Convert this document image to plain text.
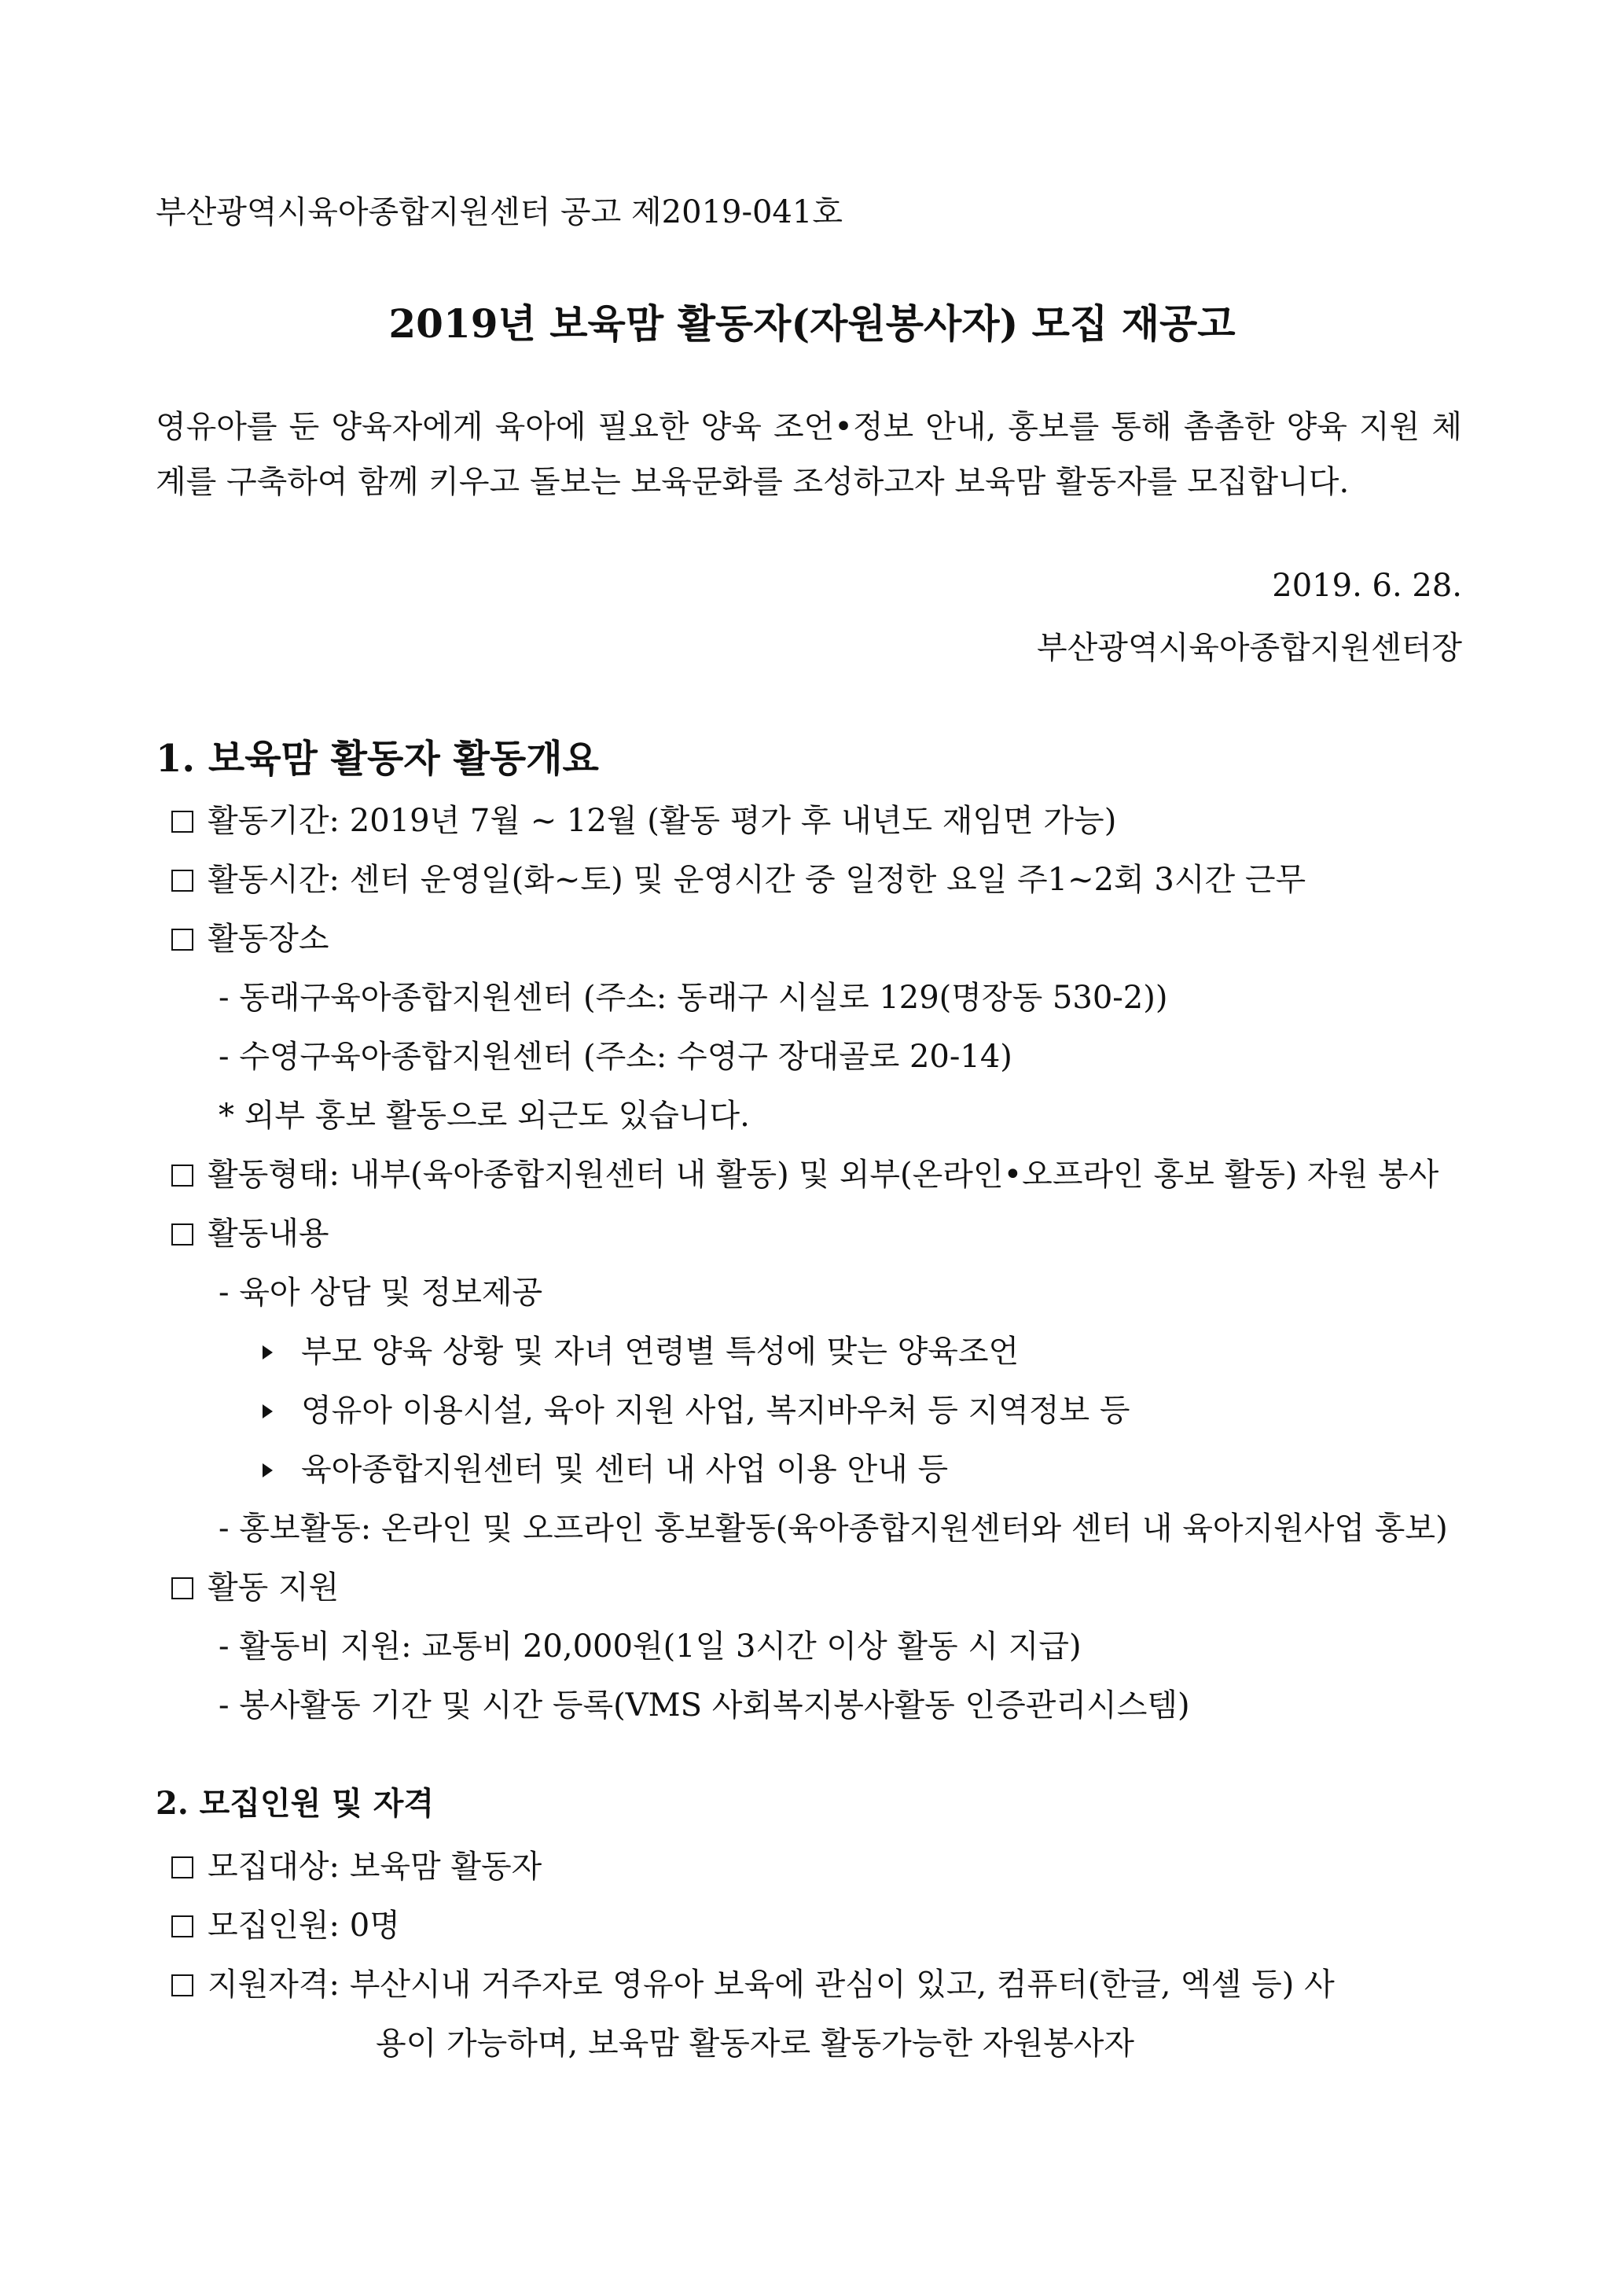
부산광역시육아종합지원센터 공고 제2019-041호
2019년 보육맘 활동자(자원봉사자) 모집 재공고
영유아를 둔 양육자에게 육아에 필요한 양육 조언•정보 안내, 홍보를 통해 촘촘한 양육 지원 체계를 구축하여 함께 키우고 돌보는 보육문화를 조성하고자 보육맘 활동자를 모집합니다.
2019. 6. 28.
부산광역시육아종합지원센터장
1. 보육맘 활동자 활동개요
활동기간: 2019년 7월 ~ 12월 (활동 평가 후 내년도 재임면 가능)
활동시간: 센터 운영일(화~토) 및 운영시간 중 일정한 요일 주1~2회 3시간 근무
활동장소
- 동래구육아종합지원센터 (주소: 동래구 시실로 129(명장동 530-2))
- 수영구육아종합지원센터 (주소: 수영구 장대골로 20-14)
* 외부 홍보 활동으로 외근도 있습니다.
활동형태: 내부(육아종합지원센터 내 활동) 및 외부(온라인•오프라인 홍보 활동) 자원 봉사
활동내용
- 육아 상담 및 정보제공
부모 양육 상황 및 자녀 연령별 특성에 맞는 양육조언
영유아 이용시설, 육아 지원 사업, 복지바우처 등 지역정보 등
육아종합지원센터 및 센터 내 사업 이용 안내 등
- 홍보활동: 온라인 및 오프라인 홍보활동(육아종합지원센터와 센터 내 육아지원사업 홍보)
활동 지원
- 활동비 지원: 교통비 20,000원(1일 3시간 이상 활동 시 지급)
- 봉사활동 기간 및 시간 등록(VMS 사회복지봉사활동 인증관리시스템)
2. 모집인원 및 자격
모집대상: 보육맘 활동자
모집인원: 0명
지원자격: 부산시내 거주자로 영유아 보육에 관심이 있고, 컴퓨터(한글, 엑셀 등) 사
용이 가능하며, 보육맘 활동자로 활동가능한 자원봉사자
